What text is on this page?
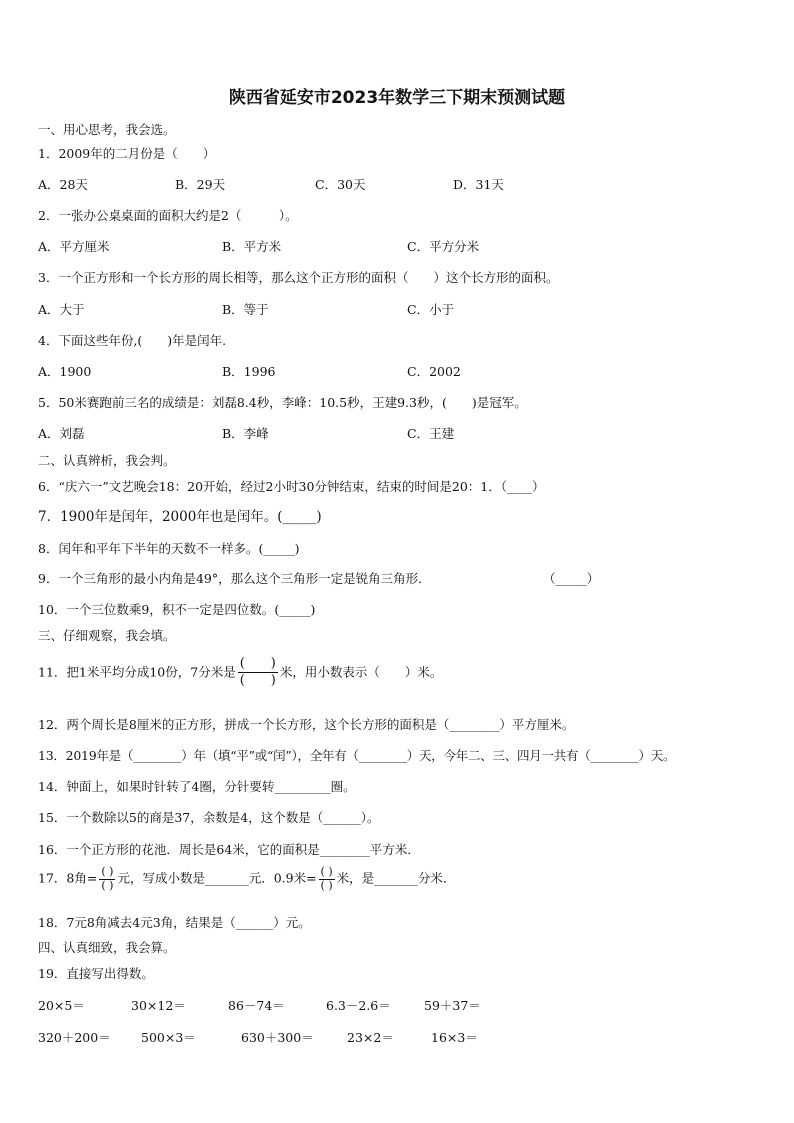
陕西省延安市2023年数学三下期末预测试题
一、用心思考，我会选。
1．2009年的二月份是（　　）
A．28天	B．29天	C．30天	D．31天
2．一张办公桌桌面的面积大约是2（　　　）。
A．平方厘米	B．平方米	C．平方分米
3．一个正方形和一个长方形的周长相等，那么这个正方形的面积（　　）这个长方形的面积。
A．大于	B．等于	C．小于
4．下面这些年份,(　　)年是闰年.
A．1900	B．1996	C．2002
5．50米赛跑前三名的成绩是：刘磊8.4秒，李峰：10.5秒，王建9.3秒，(　　)是冠军。
A．刘磊	B．李峰	C．王建
二、认真辨析，我会判。
6．“庆六一”文艺晚会18：20开始，经过2小时30分钟结束，结束的时间是20：1．（____）
7．1900年是闰年，2000年也是闰年。(_____)
8．闰年和平年下半年的天数不一样多。(_____)
9．一个三角形的最小内角是49°，那么这个三角形一定是锐角三角形．	（_____）
10．一个三位数乘9，积不一定是四位数。(_____)
三、仔细观察，我会填。
11．把1米平均分成10份，7分米是 $\frac{( )}{( )}$ 米，用小数表示（　　）米。
12．两个周长是8厘米的正方形，拼成一个长方形，这个长方形的面积是（________）平方厘米。
13．2019年是（________）年（填“平”或“闰”），全年有（________）天，今年二、三、四月一共有（________）天。
14．钟面上，如果时针转了4圈，分针要转_________圈。
15．一个数除以5的商是37，余数是4，这个数是（______）。
16．一个正方形的花池．周长是64米，它的面积是________平方米．
17．8角= $\frac{( )}{( )}$ 元，写成小数是_______元．0.9米= $\frac{( )}{( )}$ 米，是_______分米．
18．7元8角减去4元3角，结果是（______）元。
四、认真细致，我会算。
19．直接写出得数。
20×5＝	30×12＝	86－74＝	6.3－2.6＝	59＋37＝
320＋200＝ 500×3＝	630＋300＝	23×2＝	16×3＝
